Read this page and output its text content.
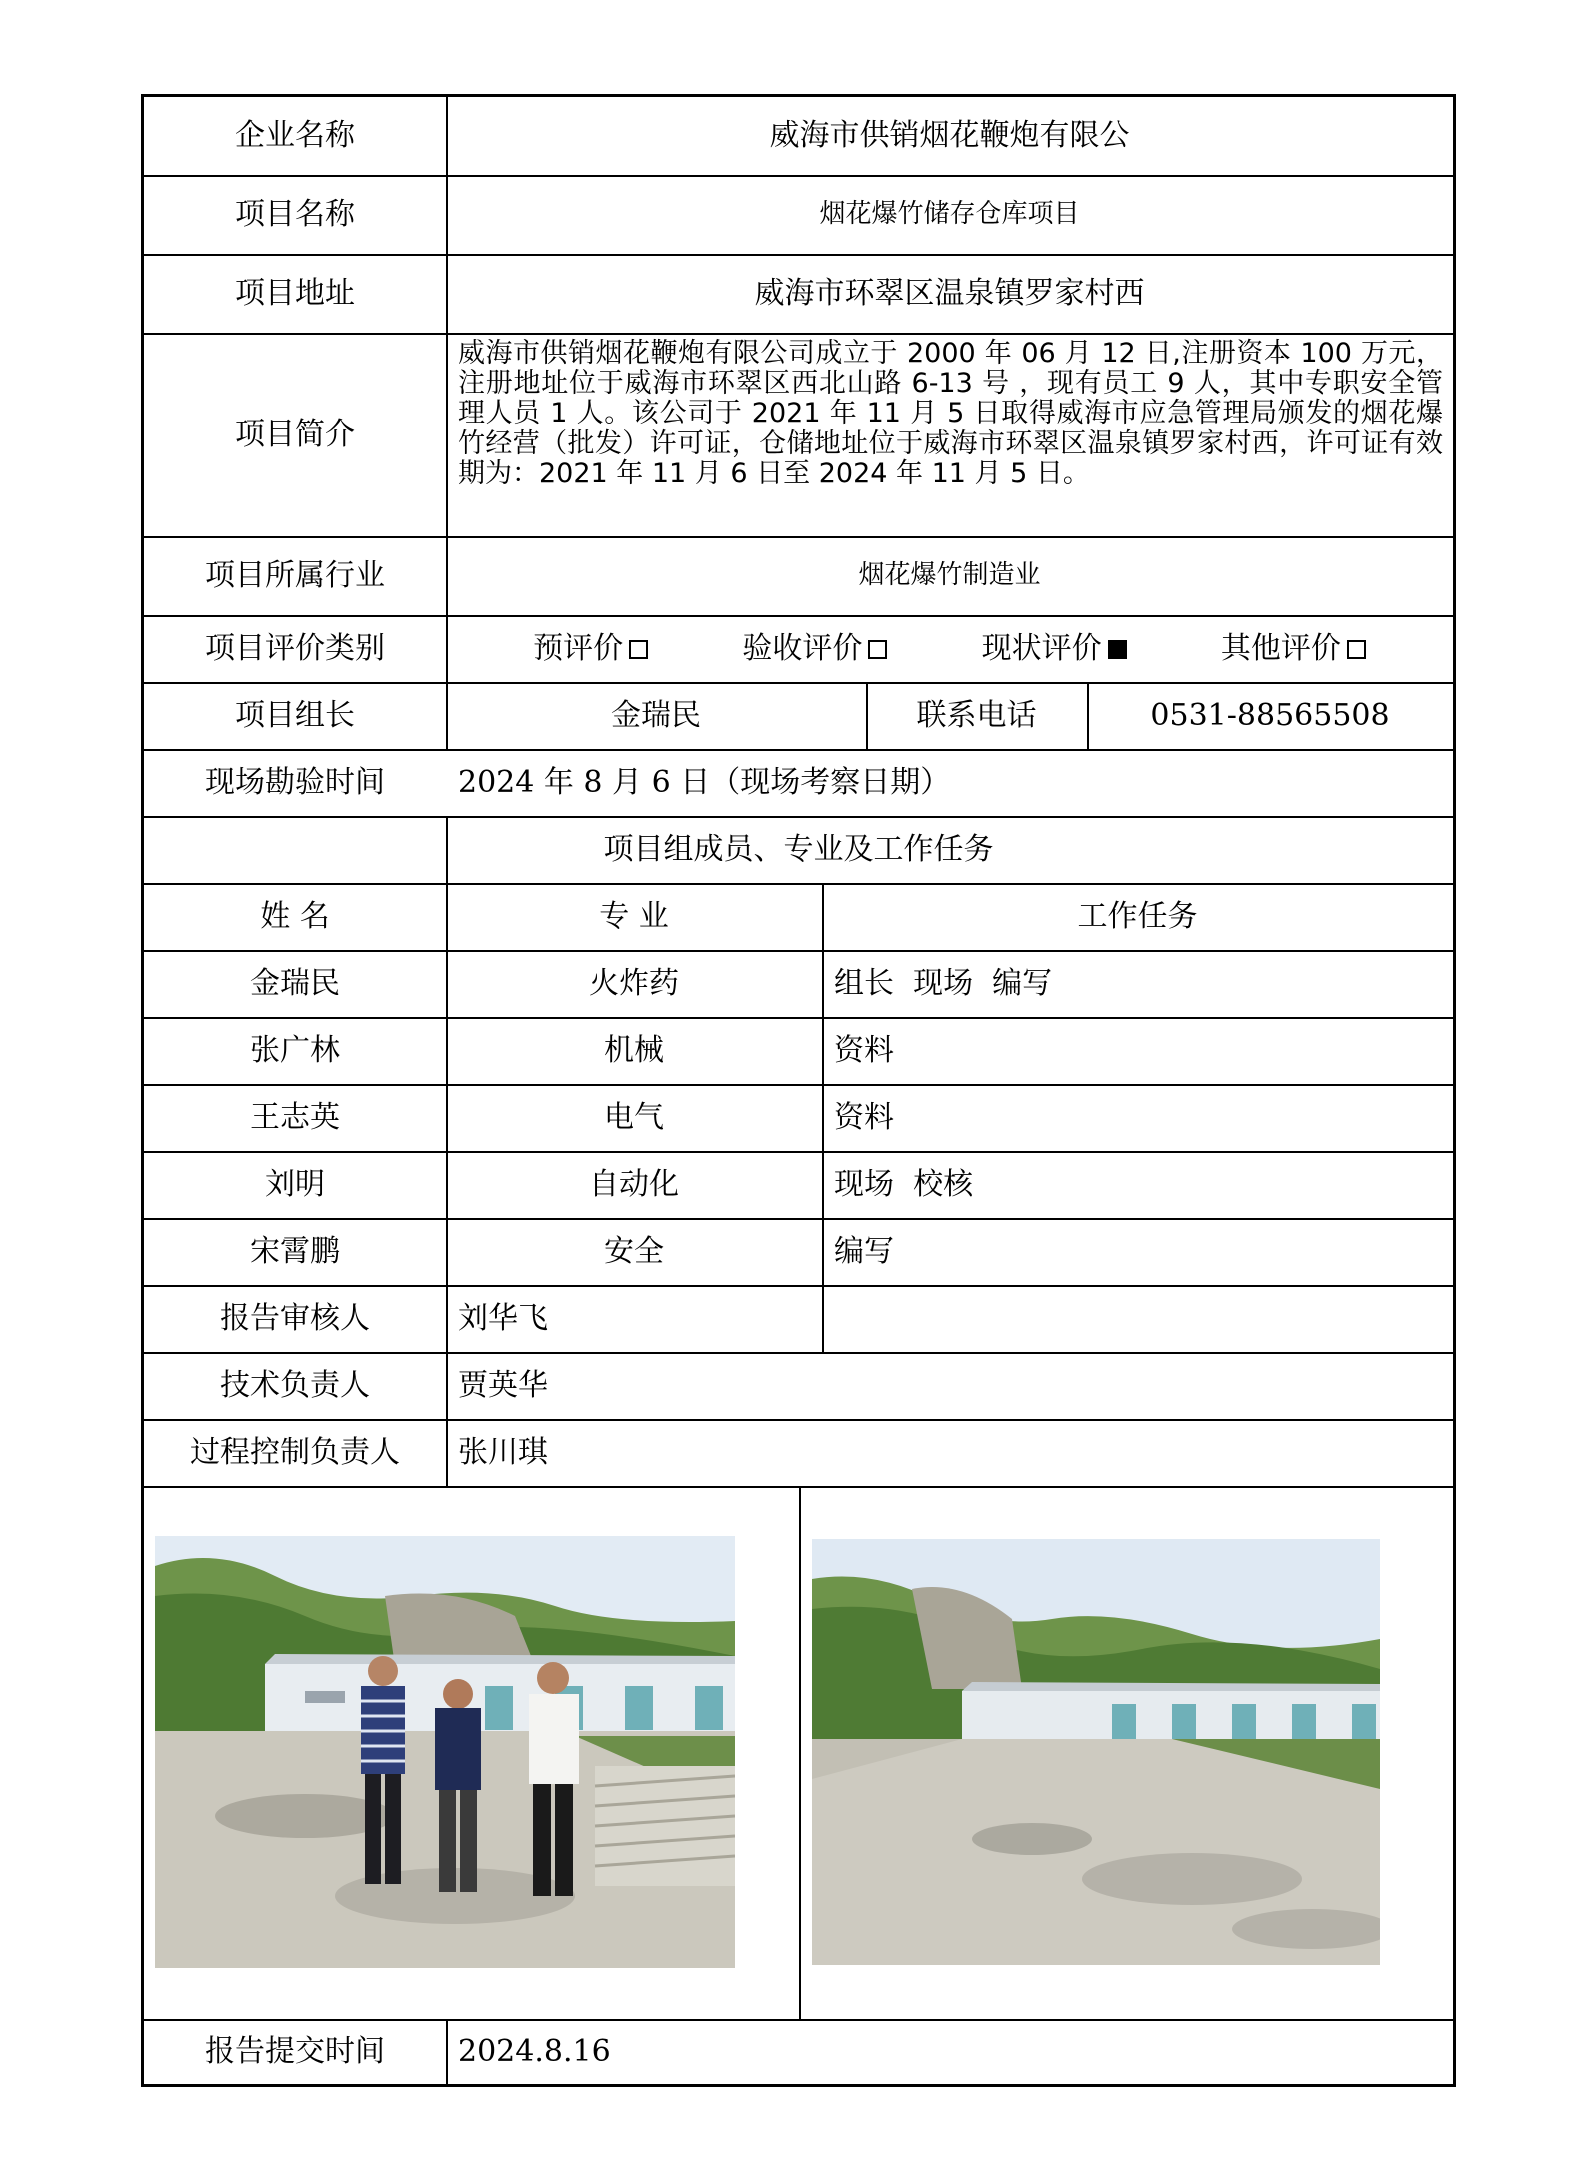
企业名称	威海市供销烟花鞭炮有限公
项目名称	烟花爆竹储存仓库项目
项目地址	威海市环翠区温泉镇罗家村西
项目简介
威海市供销烟花鞭炮有限公司成立于 2000 年 06 月 12 日,注册资本 100 万元，注册地址位于威海市环翠区西北山路 6-13 号 ，现有员工 9 人，其中专职安全管理人员 1 人。该公司于 2021 年 11 月 5 日取得威海市应急管理局颁发的烟花爆竹经营（批发）许可证，仓储地址位于威海市环翠区温泉镇罗家村西，许可证有效期为：2021 年 11 月 6 日至 2024 年 11 月 5 日。
项目所属行业	烟花爆竹制造业
项目评价类别	预评价	验收评价	现状评价	其他评价
项目组长	金瑞民	联系电话	0531-88565508
现场勘验时间	2024 年 8 月 6 日（现场考察日期）
项目组成员、专业及工作任务
姓 名	专 业	工作任务
金瑞民	火炸药	组长  现场  编写
张广林	机械	资料
王志英	电气	资料
刘明	自动化	现场  校核
宋霄鹏	安全	编写
报告审核人	刘华飞
技术负责人	贾英华
过程控制负责人	张川琪
报告提交时间	2024.8.16
